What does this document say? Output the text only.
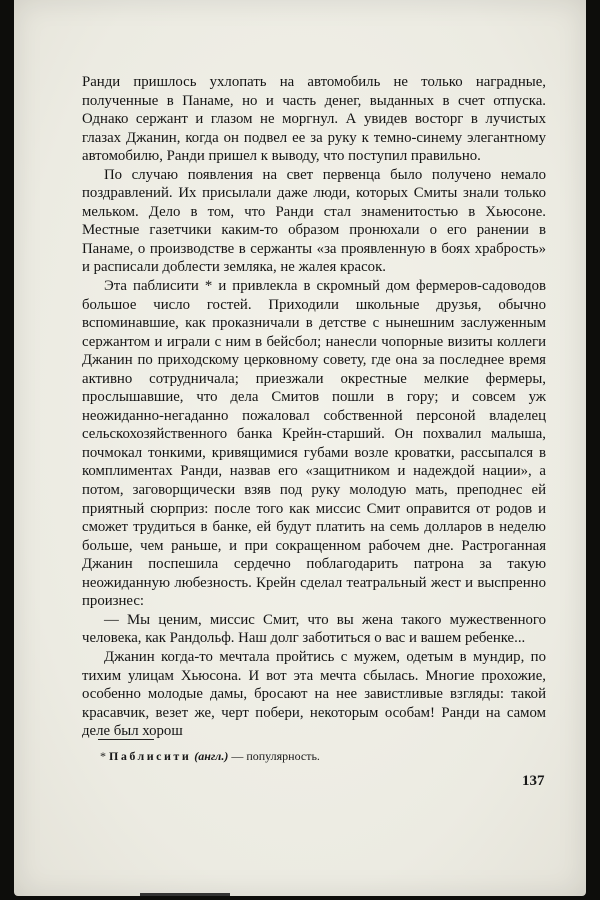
Ранди пришлось ухлопать на автомобиль не только наградные, полученные в Панаме, но и часть денег, выданных в счет отпуска. Однако сержант и глазом не моргнул. А увидев восторг в лучистых глазах Джанин, когда он подвел ее за руку к темно-синему элегантному автомобилю, Ранди пришел к выводу, что поступил правильно.

По случаю появления на свет первенца было получено немало поздравлений. Их присылали даже люди, которых Смиты знали только мельком. Дело в том, что Ранди стал знаменитостью в Хьюсоне. Местные газетчики каким-то образом пронюхали о его ранении в Панаме, о производстве в сержанты «за проявленную в боях храбрость» и расписали доблести земляка, не жалея красок.

Эта паблисити * и привлекла в скромный дом фермеров-садоводов большое число гостей. Приходили школьные друзья, обычно вспоминавшие, как проказничали в детстве с нынешним заслуженным сержантом и играли с ним в бейсбол; нанесли чопорные визиты коллеги Джанин по приходскому церковному совету, где она за последнее время активно сотрудничала; приезжали окрестные мелкие фермеры, прослышавшие, что дела Смитов пошли в гору; и совсем уж неожиданно-негаданно пожаловал собственной персоной владелец сельскохозяйственного банка Крейн-старший. Он похвалил малыша, почмокал тонкими, кривящимися губами возле кроватки, рассыпался в комплиментах Ранди, назвав его «защитником и надеждой нации», а потом, заговорщически взяв под руку молодую мать, преподнес ей приятный сюрприз: после того как миссис Смит оправится от родов и сможет трудиться в банке, ей будут платить на семь долларов в неделю больше, чем раньше, и при сокращенном рабочем дне. Растроганная Джанин поспешила сердечно поблагодарить патрона за такую неожиданную любезность. Крейн сделал театральный жест и выспренно произнес:

— Мы ценим, миссис Смит, что вы жена такого мужественного человека, как Рандольф. Наш долг заботиться о вас и вашем ребенке...

Джанин когда-то мечтала пройтись с мужем, одетым в мундир, по тихим улицам Хьюсона. И вот эта мечта сбылась. Многие прохожие, особенно молодые дамы, бросают на нее завистливые взгляды: такой красавчик, везет же, черт побери, некоторым особам! Ранди на самом деле был хорош

* Паблисити (англ.) — популярность.
137
